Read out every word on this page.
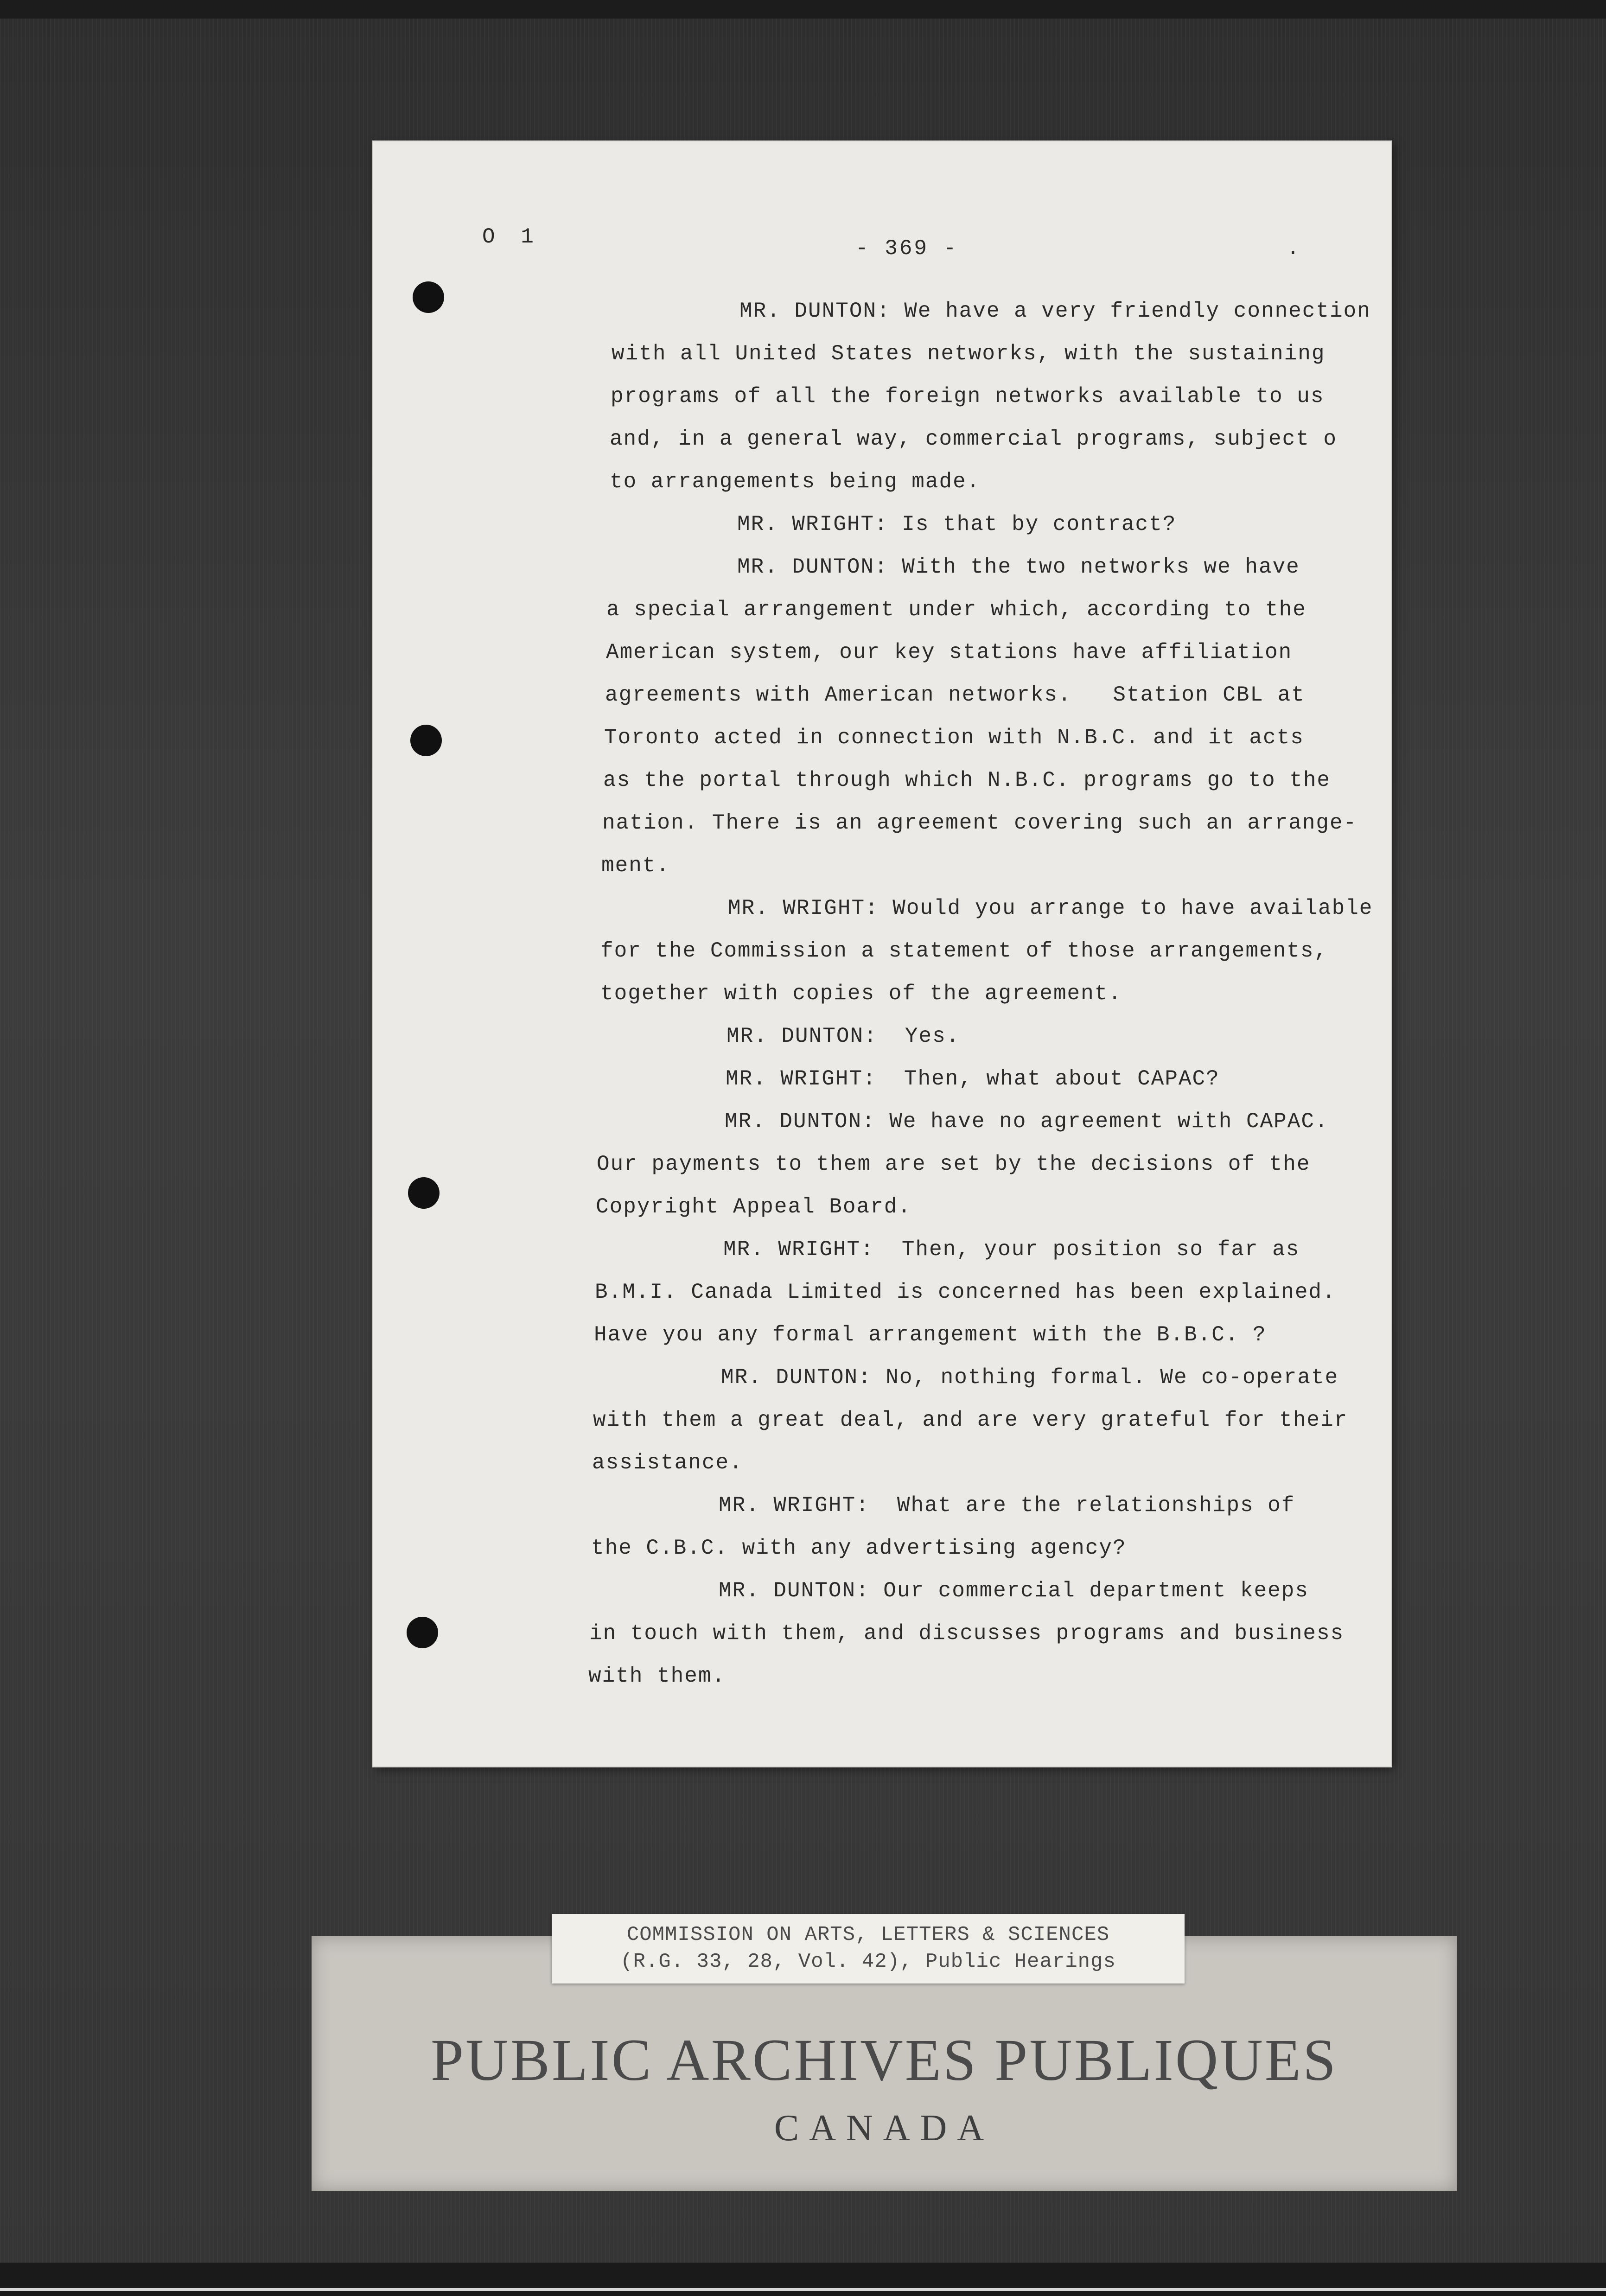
O 1	- 369 -	.
MR. DUNTON: We have a very friendly connection
with all United States networks, with the sustaining
programs of all the foreign networks available to us
and, in a general way, commercial programs, subject o
to arrangements being made.
MR. WRIGHT: Is that by contract?
MR. DUNTON: With the two networks we have
a special arrangement under which, according to the
American system, our key stations have affiliation
agreements with American networks.   Station CBL at
Toronto acted in connection with N.B.C. and it acts
as the portal through which N.B.C. programs go to the
nation. There is an agreement covering such an arrange-
ment.
MR. WRIGHT: Would you arrange to have available
for the Commission a statement of those arrangements,
together with copies of the agreement.
MR. DUNTON:  Yes.
MR. WRIGHT:  Then, what about CAPAC?
MR. DUNTON: We have no agreement with CAPAC.
Our payments to them are set by the decisions of the
Copyright Appeal Board.
MR. WRIGHT:  Then, your position so far as
B.M.I. Canada Limited is concerned has been explained.
Have you any formal arrangement with the B.B.C. ?
MR. DUNTON: No, nothing formal. We co-operate
with them a great deal, and are very grateful for their
assistance.
MR. WRIGHT:  What are the relationships of
the C.B.C. with any advertising agency?
MR. DUNTON: Our commercial department keeps
in touch with them, and discusses programs and business
with them.
COMMISSION ON ARTS, LETTERS & SCIENCES
(R.G. 33, 28, Vol. 42), Public Hearings
PUBLIC ARCHIVES PUBLIQUES
CANADA
